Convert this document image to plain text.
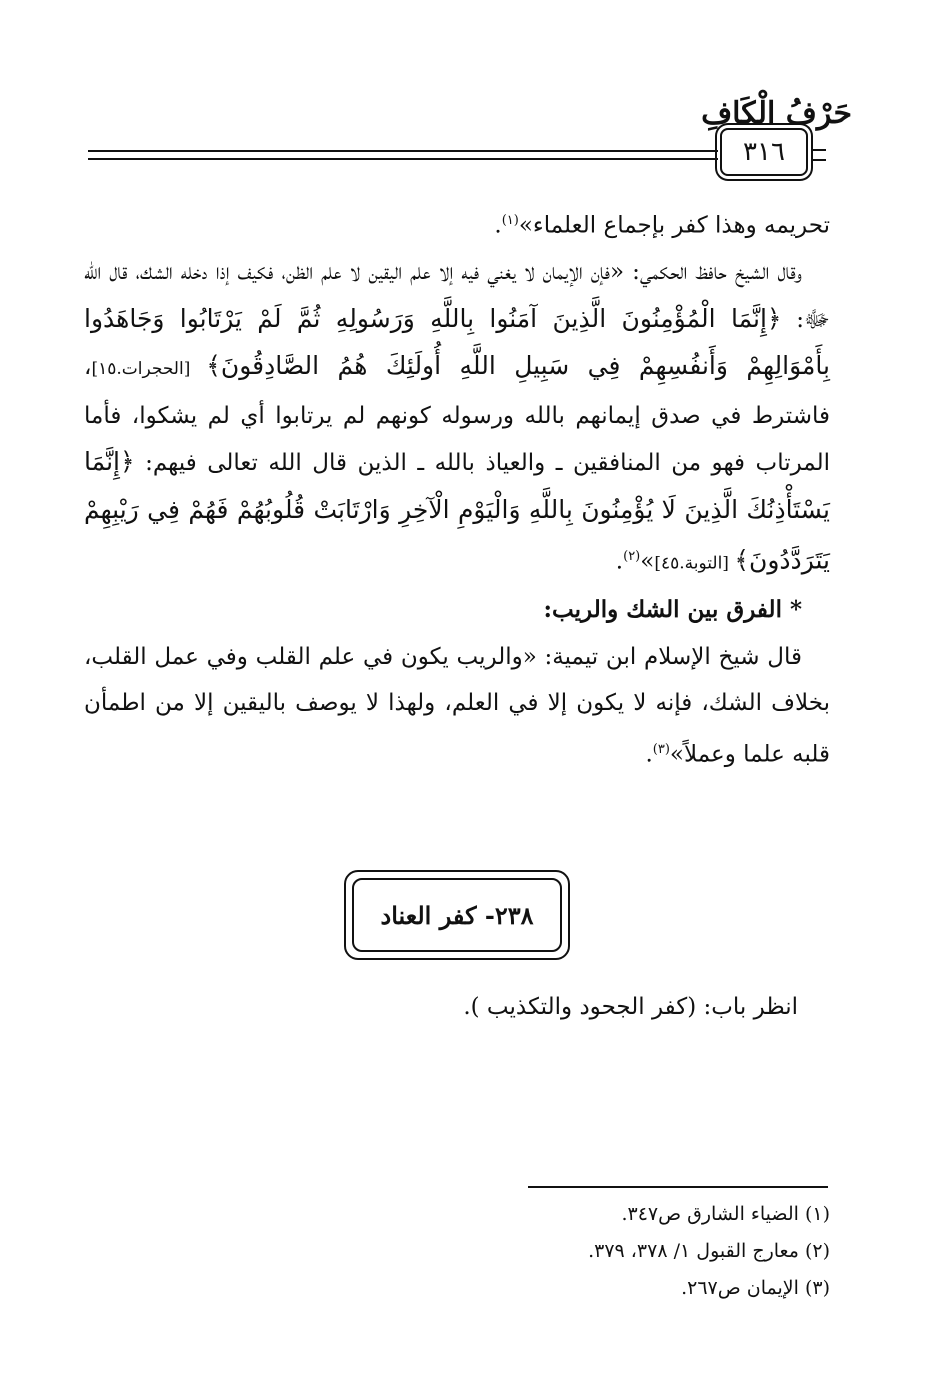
حَرْفُ الْكَافِ
٣١٦

تحريمه وهذا كفر بإجماع العلماء»$^{(١)}$.

وقال الشيخ حافظ الحكمي: «فإن الإيمان لا يغني فيه إلا علم اليقين لا علم الظن، فكيف إذا دخله الشك، قال الله ﷻ: ﴿إِنَّمَا الْمُؤْمِنُونَ الَّذِينَ آمَنُوا بِاللَّهِ وَرَسُولِهِ ثُمَّ لَمْ يَرْتَابُوا وَجَاهَدُوا بِأَمْوَالِهِمْ وَأَنفُسِهِمْ فِي سَبِيلِ اللَّهِ أُولَئِكَ هُمُ الصَّادِقُونَ﴾ [الحجرات.١٥]، فاشترط في صدق إيمانهم بالله ورسوله كونهم لم يرتابوا أي لم يشكوا، فأما المرتاب فهو من المنافقين ـ والعياذ بالله ـ الذين قال الله تعالى فيهم: ﴿إِنَّمَا يَسْتَأْذِنُكَ الَّذِينَ لَا يُؤْمِنُونَ بِاللَّهِ وَالْيَوْمِ الْآخِرِ وَارْتَابَتْ قُلُوبُهُمْ فَهُمْ فِي رَيْبِهِمْ يَتَرَدَّدُونَ﴾ [التوبة.٤٥]»$^{(٢)}$.

* الفرق بين الشك والريب:

قال شيخ الإسلام ابن تيمية: «والريب يكون في علم القلب وفي عمل القلب، بخلاف الشك، فإنه لا يكون إلا في العلم، ولهذا لا يوصف باليقين إلا من اطمأن قلبه علما وعملاً»$^{(٣)}$.

٢٣٨- كفر العناد
انظر باب: (كفر الجحود والتكذيب ).
(١) الضياء الشارق ص٣٤٧.
(٢) معارج القبول ١/ ٣٧٨، ٣٧٩.
(٣) الإيمان ص٢٦٧.
